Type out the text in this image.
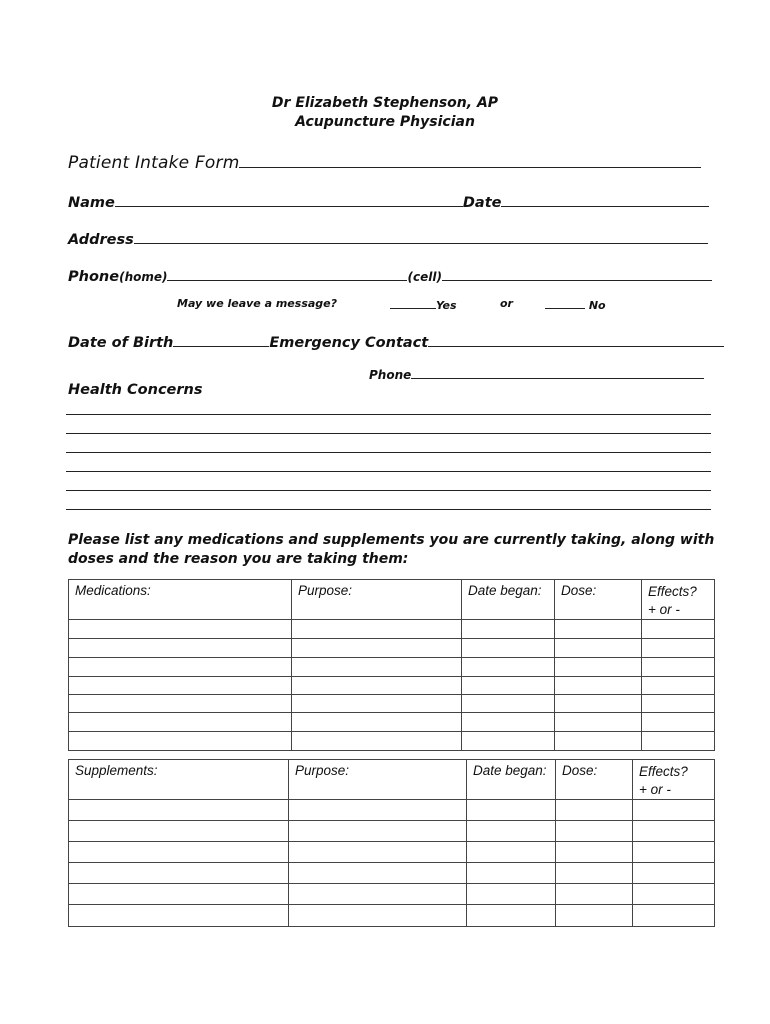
Dr Elizabeth Stephenson, AP
Acupuncture Physician
Patient Intake Form
Name	Date
Address
Phone(home)	(cell)
May we leave a message?	Yes	or	No
Date of Birth	Emergency Contact
Phone
Health Concerns
Please list any medications and supplements you are currently taking, along with doses and the reason you are taking them:
Medications:	Purpose:	Date began:	Dose:	Effects?
+ or -

Supplements:	Purpose:	Date began:	Dose:	Effects?
+ or -
